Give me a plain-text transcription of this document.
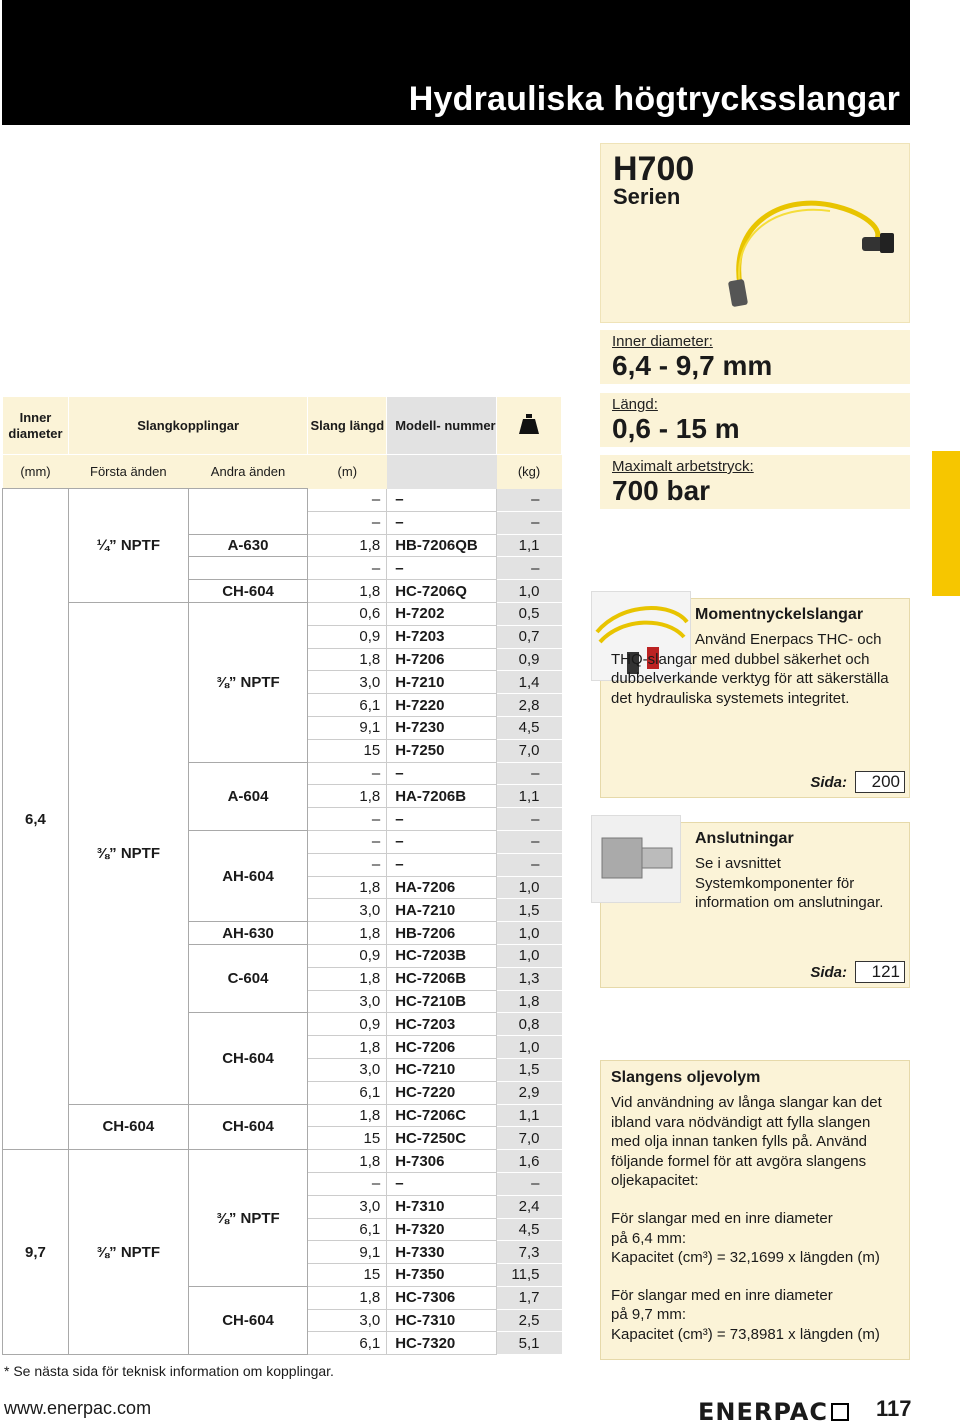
Hydrauliska högtrycksslangar
H700
Serien
Inner diameter:
6,4 - 9,7 mm
Längd:
0,6 - 15 m
Maximalt arbetstryck:
700 bar
Inner diameter	Slangkopplingar		Slang längd	Modell- nummer	
(mm)	Första änden	Andra änden	(m)		(kg)
6,4	¼” NPTF		–	–	–
			–	–	–
		A-630	1,8	HB-7206QB	1,1
			–	–	–
		CH-604	1,8	HC-7206Q	1,0
	⅜” NPTF	⅜” NPTF	0,6	H-7202	0,5
			0,9	H-7203	0,7
			1,8	H-7206	0,9
			3,0	H-7210	1,4
			6,1	H-7220	2,8
			9,1	H-7230	4,5
			15	H-7250	7,0
		A-604	–	–	–
			1,8	HA-7206B	1,1
			–	–	–
		AH-604	–	–	–
			–	–	–
			1,8	HA-7206	1,0
			3,0	HA-7210	1,5
		AH-630	1,8	HB-7206	1,0
		C-604	0,9	HC-7203B	1,0
			1,8	HC-7206B	1,3
			3,0	HC-7210B	1,8
		CH-604	0,9	HC-7203	0,8
			1,8	HC-7206	1,0
			3,0	HC-7210	1,5
			6,1	HC-7220	2,9
	CH-604	CH-604	1,8	HC-7206C	1,1
			15	HC-7250C	7,0
9,7	⅜” NPTF	⅜” NPTF	1,8	H-7306	1,6
			–	–	–
			3,0	H-7310	2,4
			6,1	H-7320	4,5
			9,1	H-7330	7,3
			15	H-7350	11,5
		CH-604	1,8	HC-7306	1,7
			3,0	HC-7310	2,5
			6,1	HC-7320	5,1
* Se nästa sida för teknisk information om kopplingar.
www.enerpac.com	ENERPAC	117
Momentnyckelslangar

Använd Enerpacs THC- och THQ-slangar med dubbel säkerhet och dubbelverkande verktyg för att säkerställa det hydrauliska systemets integritet.

Sida:	200
Anslutningar

Se i avsnittet Systemkomponenter för information om anslutningar.

Sida:	121
Slangens oljevolym

Vid användning av långa slangar kan det ibland vara nödvändigt att fylla slangen med olja innan tanken fylls på. Använd följande formel för att avgöra slangens oljekapacitet:

För slangar med en inre diameter

på 6,4 mm:

Kapacitet (cm³) = 32,1699 x längden (m)

För slangar med en inre diameter

på 9,7 mm:

Kapacitet (cm³) = 73,8981 x längden (m)
